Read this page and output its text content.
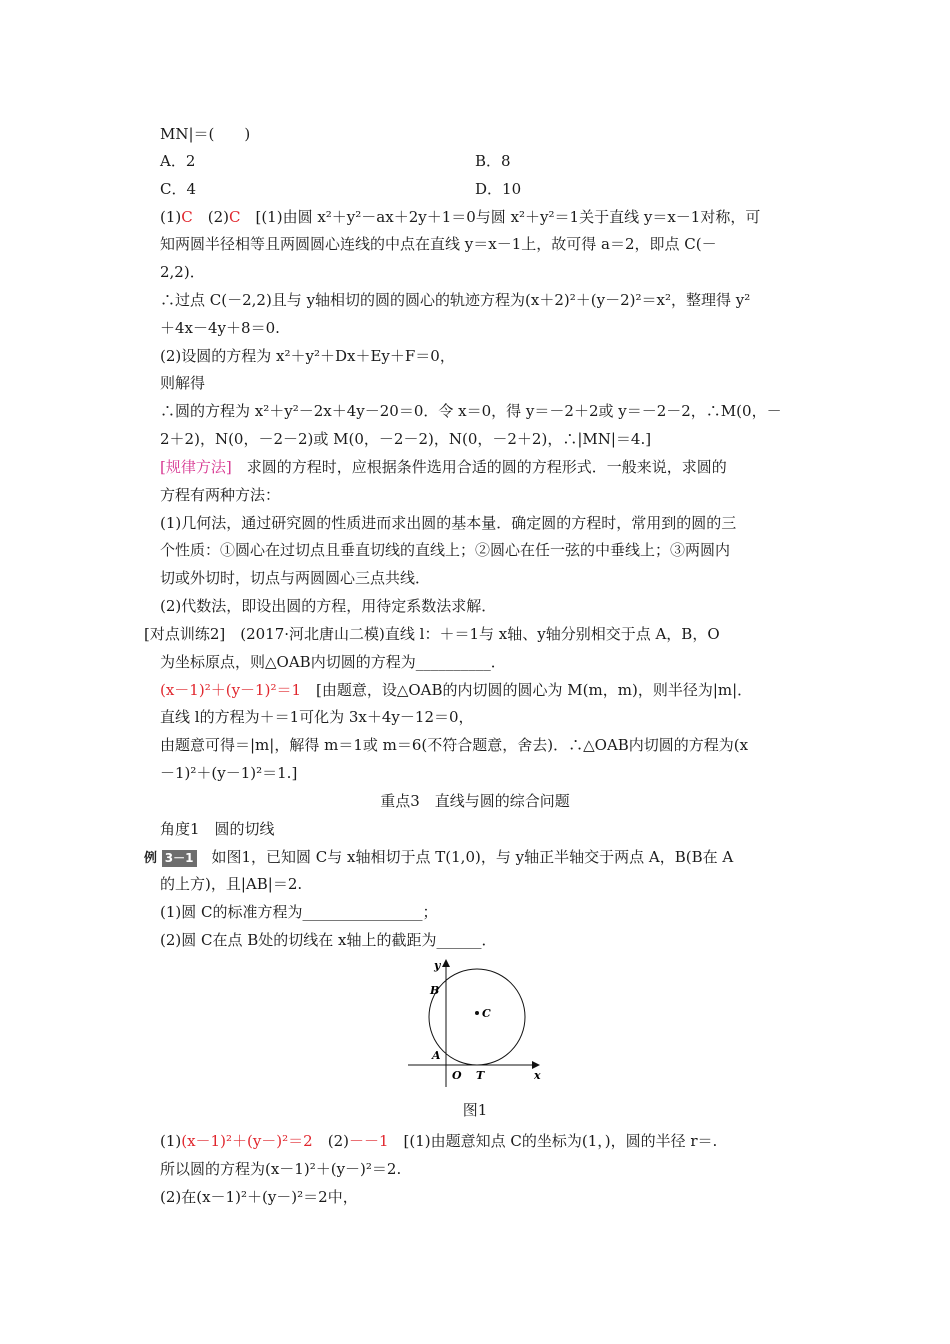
MN|＝(　　)
A．2	B．8
C．4	D．10
(1)C　(2)C　[(1)由圆 x²＋y²－ax＋2y＋1＝0与圆 x²＋y²＝1关于直线 y＝x－1对称，可
知两圆半径相等且两圆圆心连线的中点在直线 y＝x－1上，故可得 a＝2，即点 C(－
2,2)．
∴过点 C(－2,2)且与 y轴相切的圆的圆心的轨迹方程为(x＋2)²＋(y－2)²＝x²，整理得 y²
＋4x－4y＋8＝0.
(2)设圆的方程为 x²＋y²＋Dx＋Ey＋F＝0，
则解得
∴圆的方程为 x²＋y²－2x＋4y－20＝0．令 x＝0，得 y＝－2＋2或 y＝－2－2，∴M(0，－
2＋2)，N(0，－2－2)或 M(0，－2－2)，N(0，－2＋2)，∴|MN|＝4.]
[规律方法]　求圆的方程时，应根据条件选用合适的圆的方程形式．一般来说，求圆的
方程有两种方法：
(1)几何法，通过研究圆的性质进而求出圆的基本量．确定圆的方程时，常用到的圆的三
个性质：①圆心在过切点且垂直切线的直线上；②圆心在任一弦的中垂线上；③两圆内
切或外切时，切点与两圆圆心三点共线．
(2)代数法，即设出圆的方程，用待定系数法求解．
[对点训练2]　(2017·河北唐山二模)直线 l：＋＝1与 x轴、y轴分别相交于点 A，B，O
为坐标原点，则△OAB内切圆的方程为__________．
(x－1)²＋(y－1)²＝1　[由题意，设△OAB的内切圆的圆心为 M(m，m)，则半径为|m|．
直线 l的方程为＋＝1可化为 3x＋4y－12＝0，
由题意可得＝|m|，解得 m＝1或 m＝6(不符合题意，舍去)．∴△OAB内切圆的方程为(x
－1)²＋(y－1)²＝1.]
重点3　直线与圆的综合问题
角度1　圆的切线
例 3－1　如图1，已知圆 C与 x轴相切于点 T(1,0)，与 y轴正半轴交于两点 A，B(B在 A
的上方)，且|AB|＝2.
(1)圆 C的标准方程为________________；
(2)圆 C在点 B处的切线在 x轴上的截距为______．
y
x
B
C
A
O T
图1
(1)(x－1)²＋(y－)²＝2　(2)－－1　[(1)由题意知点 C的坐标为(1，)，圆的半径 r＝.
所以圆的方程为(x－1)²＋(y－)²＝2.
(2)在(x－1)²＋(y－)²＝2中，
